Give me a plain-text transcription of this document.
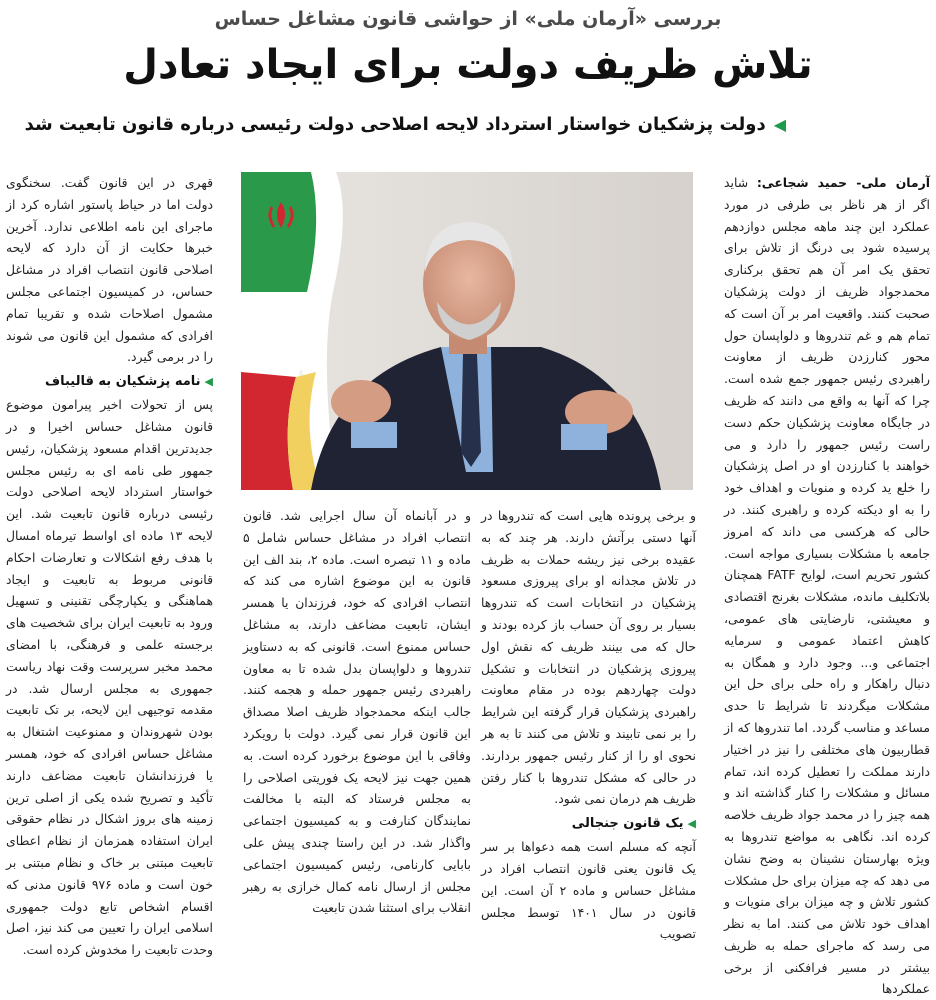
بررسی «آرمان ملی» از حواشی قانون مشاغل حساس
تلاش ظریف دولت برای ایجاد تعادل
◀دولت پزشکیان خواستار استرداد لایحه اصلاحی دولت رئیسی درباره قانون تابعیت شد

آرمان ملی- حمید شجاعی: شاید اگر از هر ناظر بی طرفی در مورد عملکرد این چند ماهه مجلس دوازدهم پرسیده شود بی درنگ از تلاش برای تحقق یک امر آن هم تحقق برکناری محمدجواد ظریف از دولت پزشکیان صحبت کنند. واقعیت امر بر آن است که تمام هم و غم تندروها و دلواپسان حول محور کنارزدن ظریف از معاونت راهبردی رئیس جمهور جمع شده است. چرا که آنها به واقع می دانند که ظریف در جایگاه معاونت پزشکیان حکم دست راست رئیس جمهور را دارد و می خواهند با کنارزدن او در اصل پزشکیان را خلع ید کرده و منویات و اهداف خود را به او دیکته کرده و راهبری کنند. در حالی که هرکسی می داند که امروز جامعه با مشکلات بسیاری مواجه است. کشور تحریم است، لوایح FATF همچنان بلاتکلیف مانده، مشکلات بغرنج اقتصادی و معیشتی، نارضایتی های عمومی، کاهش اعتماد عمومی و سرمایه اجتماعی و... وجود دارد و همگان به دنبال راهکار و راه حلی برای حل این مشکلات میگردند تا شرایط تا حدی مساعد و مناسب گردد. اما تندروها که از قطاربیون های مختلفی را نیز در اختیار دارند مملکت را تعطیل کرده اند، تمام مسائل و مشکلات را کنار گذاشته اند و همه چیز را در محمد جواد ظریف خلاصه کرده اند. نگاهی به مواضع تندروها به ویژه بهارستان نشینان به وضح نشان می دهد که چه میزان برای حل مشکلات کشور تلاش و چه میزان برای منویات و اهداف خود تلاش می کنند. اما به نظر می رسد که ماجرای حمله به ظریف بیشتر در مسیر فرافکنی از برخی عملکردها

و برخی پرونده هایی است که تندروها در آنها دستی برآتش دارند. هر چند که به عقیده برخی نیز ریشه حملات به ظریف در تلاش مجدانه او برای پیروزی مسعود پزشکیان در انتخابات است که تندروها بسیار بر روی آن حساب باز کرده بودند و حال که می بینند ظریف که نقش اول پیروزی پزشکیان در انتخابات و تشکیل دولت چهاردهم بوده در مقام معاونت راهبردی پزشکیان قرار گرفته این شرایط را بر نمی تابیند و تلاش می کنند تا به هر نحوی او را از کنار رئیس جمهور بردارند. در حالی که مشکل تندروها با کنار رفتن ظریف هم درمان نمی شود.

◀یک قانون جنجالی

آنچه که مسلم است همه دعواها بر سر یک قانون یعنی قانون انتصاب افراد در مشاغل حساس و ماده ۲ آن است. این قانون در سال ۱۴۰۱ توسط مجلس تصویب

و در آبانماه آن سال اجرایی شد. قانون انتصاب افراد در مشاغل حساس شامل ۵ ماده و ۱۱ تبصره است. ماده ۲، بند الف این قانون به این موضوع اشاره می کند که انتصاب افرادی که خود، فرزندان یا همسر ایشان، تابعیت مضاعف دارند، به مشاغل حساس ممنوع است. قانونی که به دستاویز تندروها و دلواپسان بدل شده تا به معاون راهبردی رئیس جمهور حمله و هجمه کنند. جالب اینکه محمدجواد ظریف اصلا مصداق این قانون قرار نمی گیرد. دولت با رویکرد وفاقی با این موضوع برخورد کرده است. به همین جهت نیز لایحه یک فوریتی اصلاحی را به مجلس فرستاد که البته با مخالفت نمایندگان کنارفت و به کمیسیون اجتماعی واگذار شد. در این راستا چندی پیش علی بابایی کارنامی، رئیس کمیسیون اجتماعی مجلس از ارسال نامه کمال خرازی به رهبر انقلاب برای استثنا شدن تابعیت

قهری در این قانون گفت. سخنگوی دولت اما در حیاط پاستور اشاره کرد از ماجرای این نامه اطلاعی ندارد. آخرین خبرها حکایت از آن دارد که لایحه اصلاحی قانون انتصاب افراد در مشاغل حساس، در کمیسیون اجتماعی مجلس مشمول اصلاحات شده و تقریبا تمام افرادی که مشمول این قانون می شوند را در برمی گیرد.

◀نامه پزشکیان به قالیباف

پس از تحولات اخیر پیرامون موضوع قانون مشاغل حساس اخیرا و در جدیدترین اقدام مسعود پزشکیان، رئیس جمهور طی نامه ای به رئیس مجلس خواستار استرداد لایحه اصلاحی دولت رئیسی درباره قانون تابعیت شد. این لایحه ۱۳ ماده ای اواسط تیرماه امسال با هدف رفع اشکالات و تعارضات احکام قانونی مربوط به تابعیت و ایجاد هماهنگی و یکپارچگی تقنینی و تسهیل ورود به تابعیت ایران برای شخصیت های برجسته علمی و فرهنگی، با امضای محمد مخبر سرپرست وقت نهاد ریاست جمهوری به مجلس ارسال شد. در مقدمه توجیهی این لایحه، بر تک تابعیت بودن شهروندان و ممنوعیت اشتغال به مشاغل حساس افرادی که خود، همسر یا فرزندانشان تابعیت مضاعف دارند تأکید و تصریح شده یکی از اصلی ترین زمینه های بروز اشکال در نظام حقوقی ایران استفاده همزمان از نظام اعطای تابعیت مبتنی بر خاک و نظام مبتنی بر خون است و ماده ۹۷۶ قانون مدنی که اقسام اشخاص تابع دولت جمهوری اسلامی ایران را تعیین می کند نیز، اصل وحدت تابعیت را مخدوش کرده است.
